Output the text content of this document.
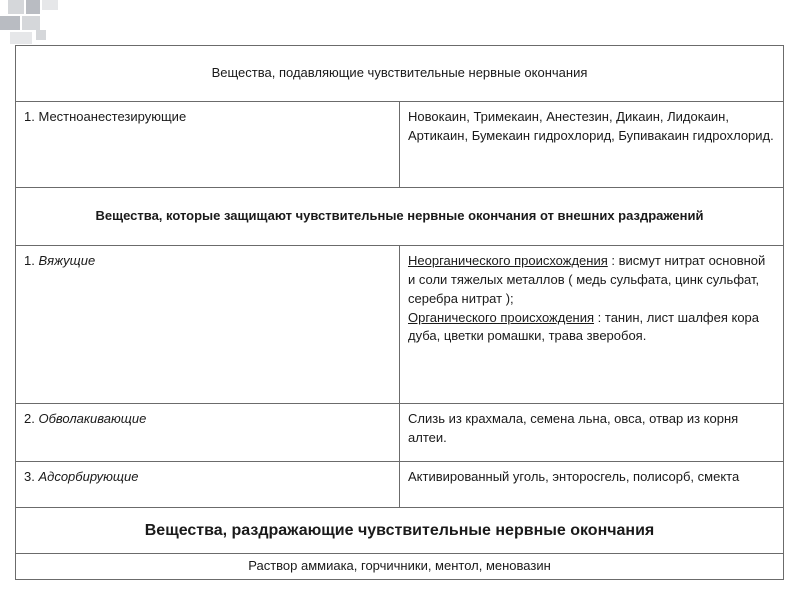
Вещества, подавляющие чувствительные нервные окончания	
1. Местноанестезирующие	Новокаин, Тримекаин, Анестезин, Дикаин, Лидокаин, Артикаин, Бумекаин гидрохлорид, Бупивакаин гидрохлорид.
Вещества, которые защищают чувствительные нервные окончания от внешних раздражений	
1. Вяжущие	Неорганического происхождения : висмут нитрат основной и соли тяжелых металлов ( медь сульфата, цинк сульфат, серебра нитрат );
Органического происхождения : танин, лист шалфея кора дуба, цветки ромашки, трава зверобоя.
2. Обволакивающие	Слизь из крахмала, семена льна, овса, отвар из корня алтеи.
3. Адсорбирующие	Активированный уголь, энторосгель, полисорб, смекта
Вещества, раздражающие чувствительные нервные окончания	
Раствор аммиака, горчичники, ментол, меновазин	
